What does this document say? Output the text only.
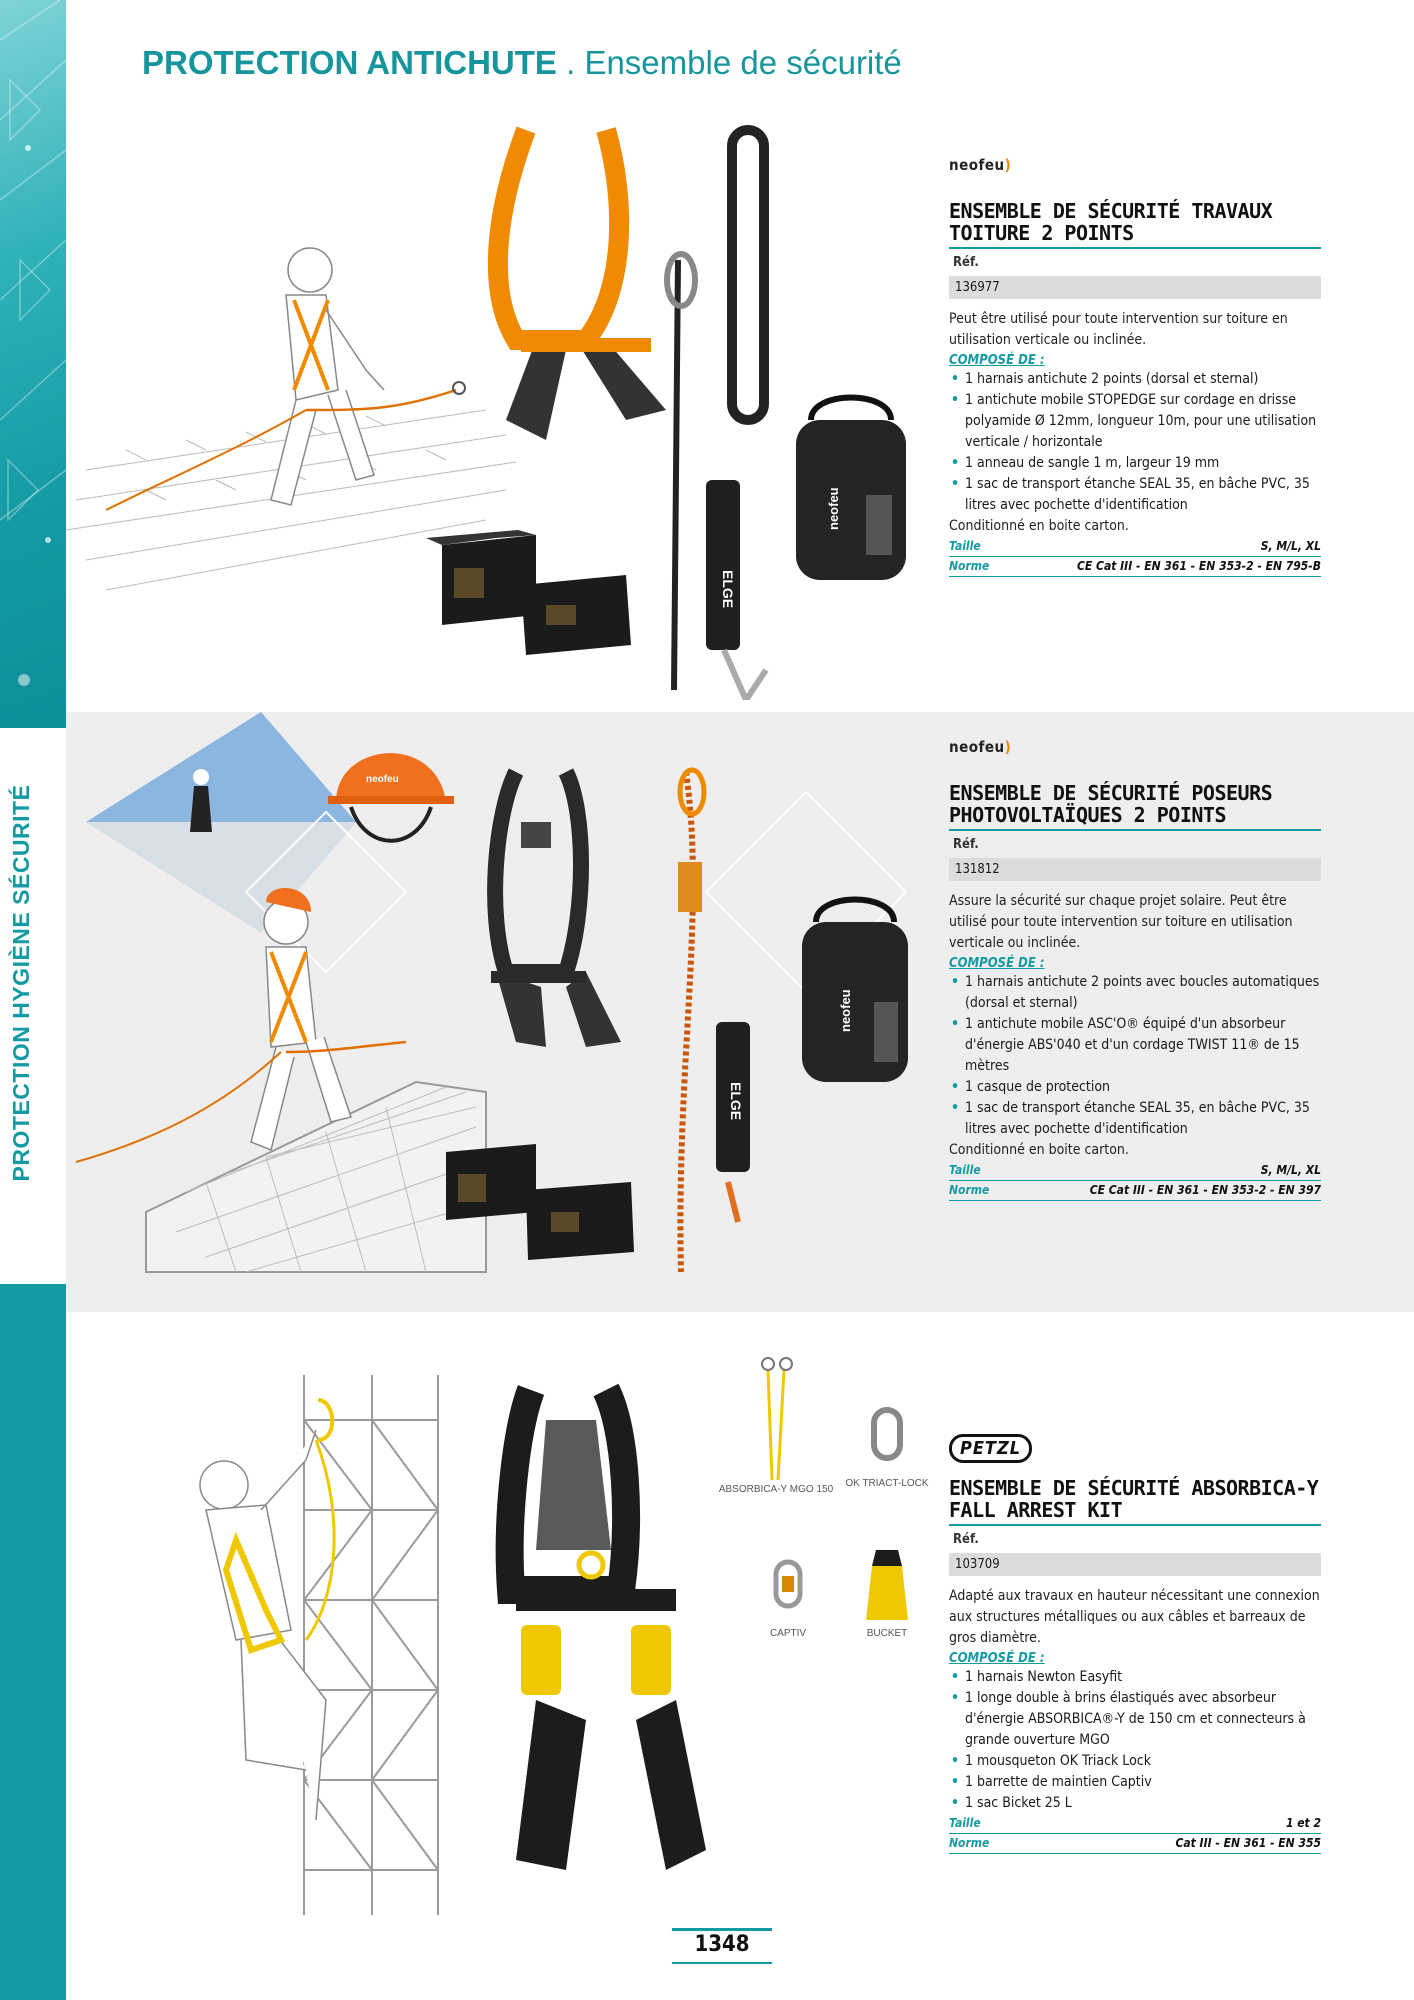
PROTECTION HYGIÈNE SÉCURITÉ
PROTECTION ANTICHUTE . Ensemble de sécurité
ELGE
neofeu
neofeu
ELGE
neofeu
ABSORBICA-Y MGO 150
OK TRIACT-LOCK
CAPTIV	BUCKET
neofeu)
ENSEMBLE DE SÉCURITÉ TRAVAUX TOITURE 2 POINTS
Réf.
136977
Peut être utilisé pour toute intervention sur toiture en utilisation verticale ou inclinée.
COMPOSÉ DE :
• 1 harnais antichute 2 points (dorsal et sternal)
• 1 antichute mobile STOPEDGE sur cordage en drisse polyamide Ø 12mm, longueur 10m, pour une utilisation verticale / horizontale
• 1 anneau de sangle 1 m, largeur 19 mm
• 1 sac de transport étanche SEAL 35, en bâche PVC, 35 litres avec pochette d'identification
Conditionné en boite carton.
Taille	S, M/L, XL
Norme	CE Cat III - EN 361 - EN 353-2 - EN 795-B
neofeu)
ENSEMBLE DE SÉCURITÉ POSEURS PHOTOVOLTAÏQUES 2 POINTS
Réf.
131812
Assure la sécurité sur chaque projet solaire. Peut être utilisé pour toute intervention sur toiture en utilisation verticale ou inclinée.
COMPOSÉ DE :
• 1 harnais antichute 2 points avec boucles automatiques (dorsal et sternal)
• 1 antichute mobile ASC'O® équipé d'un absorbeur d'énergie ABS'040 et d'un cordage TWIST 11® de 15 mètres
• 1 casque de protection
• 1 sac de transport étanche SEAL 35, en bâche PVC, 35 litres avec pochette d'identification
Conditionné en boite carton.
Taille	S, M/L, XL
Norme	CE Cat III - EN 361 - EN 353-2 - EN 397
PETZL
ENSEMBLE DE SÉCURITÉ ABSORBICA-Y FALL ARREST KIT
Réf.
103709
Adapté aux travaux en hauteur nécessitant une connexion aux structures métalliques ou aux câbles et barreaux de gros diamètre.
COMPOSÉ DE :
• 1 harnais Newton Easyfit
• 1 longe double à brins élastiqués avec absorbeur d'énergie ABSORBICA®-Y de 150 cm et connecteurs à grande ouverture MGO
• 1 mousqueton OK Triack Lock
• 1 barrette de maintien Captiv
• 1 sac Bicket 25 L
Taille	1 et 2
Norme	Cat III - EN 361 - EN 355
1348
